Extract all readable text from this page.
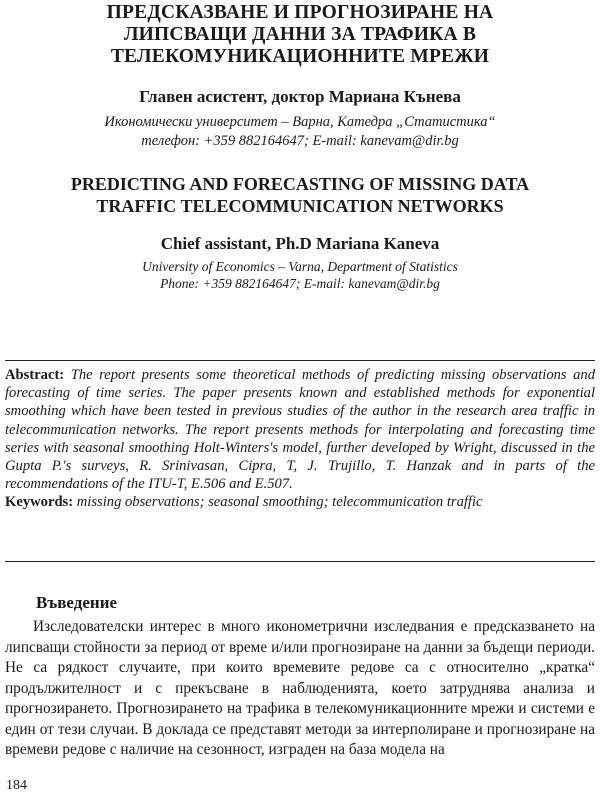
ПРЕДСКАЗВАНЕ И ПРОГНОЗИРАНЕ НА
ЛИПСВАЩИ ДАННИ ЗА ТРАФИКА В
ТЕЛЕКОМУНИКАЦИОННИТЕ МРЕЖИ
Главен асистент, доктор Мариана Кънева
Икономически университет – Варна, Катедра „Статистика“
телефон: +359 882164647; E-mail: kanevam@dir.bg
PREDICTING AND FORECASTING OF MISSING DATA
TRAFFIC TELECOMMUNICATION NETWORKS
Chief assistant, Ph.D Mariana Kaneva
University of Economics – Varna, Department of Statistics
Phone: +359 882164647; E-mail: kanevam@dir.bg
Abstract: The report presents some theoretical methods of predicting missing observations and forecasting of time series. The paper presents known and established methods for exponential smoothing which have been tested in previous studies of the author in the research area traffic in telecommunication networks. The report presents methods for interpolating and forecasting time series with seasonal smoothing Holt-Winters's model, further developed by Wright, discussed in the Gupta P.'s surveys, R. Srinivasan, Cipra, T, J. Trujillo, T. Hanzak and in parts of the recommendations of the ITU-T, E.506 and E.507.
Keywords: missing observations; seasonal smoothing; telecommunication traffic
Въведение
Изследователски интерес в много иконометрични изследвания е предсказването на липсващи стойности за период от време и/или прогнозиране на данни за бъдещи периоди. Не са рядкост случаите, при които времевите редове са с относително „кратка“ продължителност и с прекъсване в наблюденията, което затруднява анализа и прогнозирането. Прогнозирането на трафика в телекомуникационните мрежи и системи е един от тези случаи. В доклада се представят методи за интерполиране и прогнозиране на времеви редове с наличие на сезонност, изграден на база модела на
184
